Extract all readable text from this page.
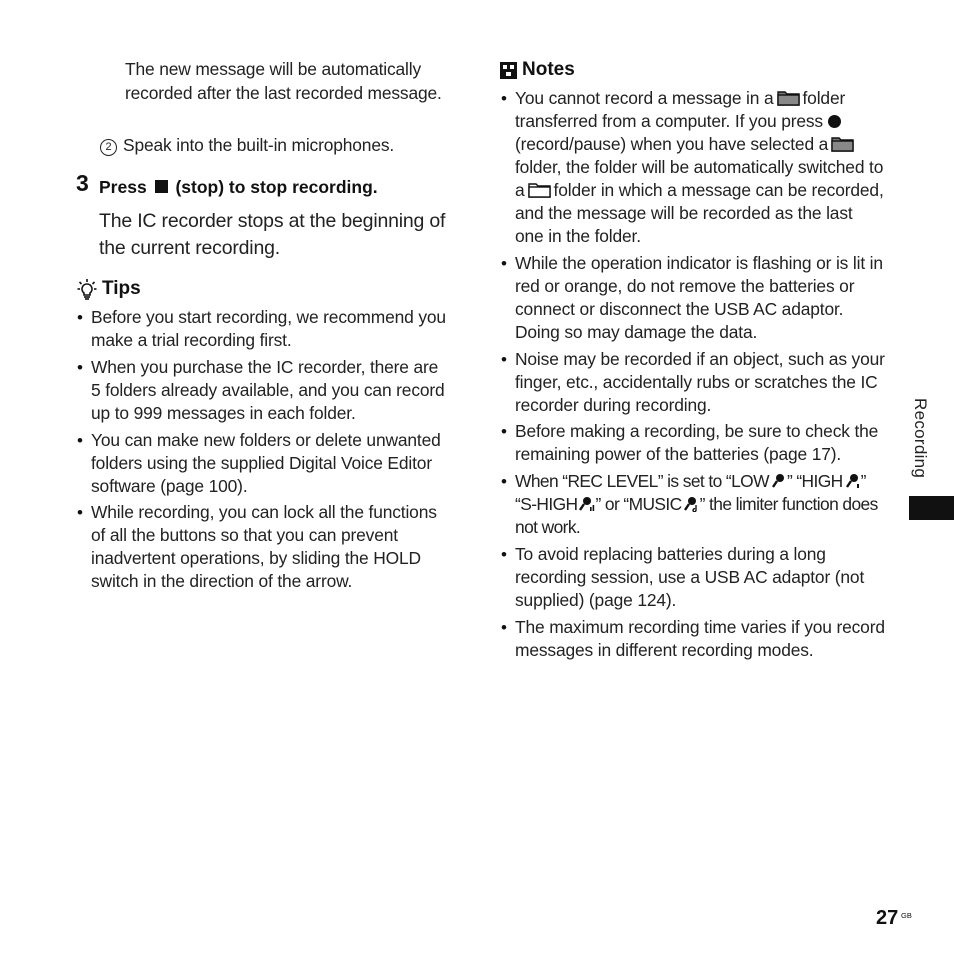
The new message will be automatically recorded after the last recorded message.
2 Speak into the built-in microphones.
3 Press (stop) to stop recording.
The IC recorder stops at the beginning of the current recording.
Tips
• Before you start recording, we recommend you make a trial recording first.
• When you purchase the IC recorder, there are 5 folders already available, and you can record up to 999 messages in each folder.
• You can make new folders or delete unwanted folders using the supplied Digital Voice Editor software (page 100).
• While recording, you can lock all the functions of all the buttons so that you can prevent inadvertent operations, by sliding the HOLD switch in the direction of the arrow.
Notes
• You cannot record a message in a folder transferred from a computer. If you press (record/pause) when you have selected a
folder, the folder will be automatically switched to a folder in which a message can be recorded, and the message will be recorded as the last one in the folder.
• While the operation indicator is flashing or is lit in red or orange, do not remove the batteries or connect or disconnect the USB AC adaptor. Doing so may damage the data.
• Noise may be recorded if an object, such as your finger, etc., accidentally rubs or scratches the IC recorder during recording.
• Before making a recording, be sure to check the remaining power of the batteries (page 17).
• When “REC LEVEL” is set to “LOW ” “HIGH ” “S-HIGH ” or “MUSIC ” the limiter function does not work.
• To avoid replacing batteries during a long recording session, use a USB AC adaptor (not supplied) (page 124).
• The maximum recording time varies if you record messages in different recording modes.
Recording
27 GB
